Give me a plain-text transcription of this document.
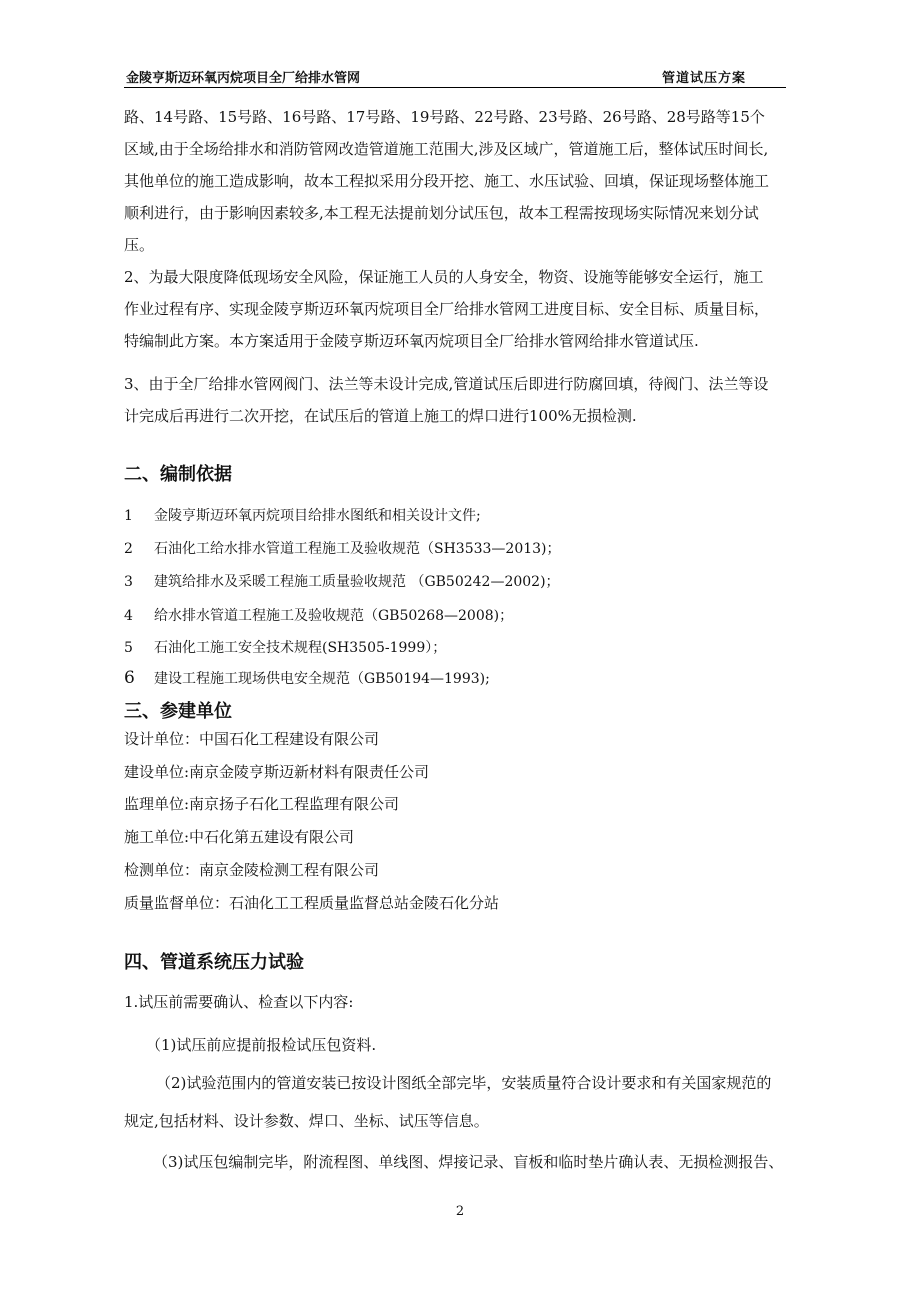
金陵亨斯迈环氧丙烷项目全厂给排水管网	管道试压方案
路、14号路、15号路、16号路、17号路、19号路、22号路、23号路、26号路、28号路等15个
区域,由于全场给排水和消防管网改造管道施工范围大,涉及区域广，管道施工后，整体试压时间长,
其他单位的施工造成影响，故本工程拟采用分段开挖、施工、水压试验、回填，保证现场整体施工
顺利进行，由于影响因素较多,本工程无法提前划分试压包，故本工程需按现场实际情况来划分试
压。
2、为最大限度降低现场安全风险，保证施工人员的人身安全，物资、设施等能够安全运行，施工
作业过程有序、实现金陵亨斯迈环氧丙烷项目全厂给排水管网工进度目标、安全目标、质量目标，
特编制此方案。本方案适用于金陵亨斯迈环氧丙烷项目全厂给排水管网给排水管道试压.
3、由于全厂给排水管网阀门、法兰等未设计完成,管道试压后即进行防腐回填，待阀门、法兰等设
计完成后再进行二次开挖，在试压后的管道上施工的焊口进行100%无损检测.
二、编制依据
1 金陵亨斯迈环氧丙烷项目给排水图纸和相关设计文件;
2 石油化工给水排水管道工程施工及验收规范（SH3533—2013)；
3 建筑给排水及采暖工程施工质量验收规范 （GB50242—2002)；
4 给水排水管道工程施工及验收规范（GB50268—2008)；
5 石油化工施工安全技术规程(SH3505-1999）；
6 建设工程施工现场供电安全规范（GB50194—1993);
三、参建单位
设计单位：中国石化工程建设有限公司
建设单位:南京金陵亨斯迈新材料有限责任公司
监理单位:南京扬子石化工程监理有限公司
施工单位:中石化第五建设有限公司
检测单位：南京金陵检测工程有限公司
质量监督单位：石油化工工程质量监督总站金陵石化分站
四、管道系统压力试验
1.试压前需要确认、检查以下内容:
（1)试压前应提前报检试压包资料.
（2)试验范围内的管道安装已按设计图纸全部完毕，安装质量符合设计要求和有关国家规范的
规定,包括材料、设计参数、焊口、坐标、试压等信息。
（3)试压包编制完毕，附流程图、单线图、焊接记录、盲板和临时垫片确认表、无损检测报告、
2
